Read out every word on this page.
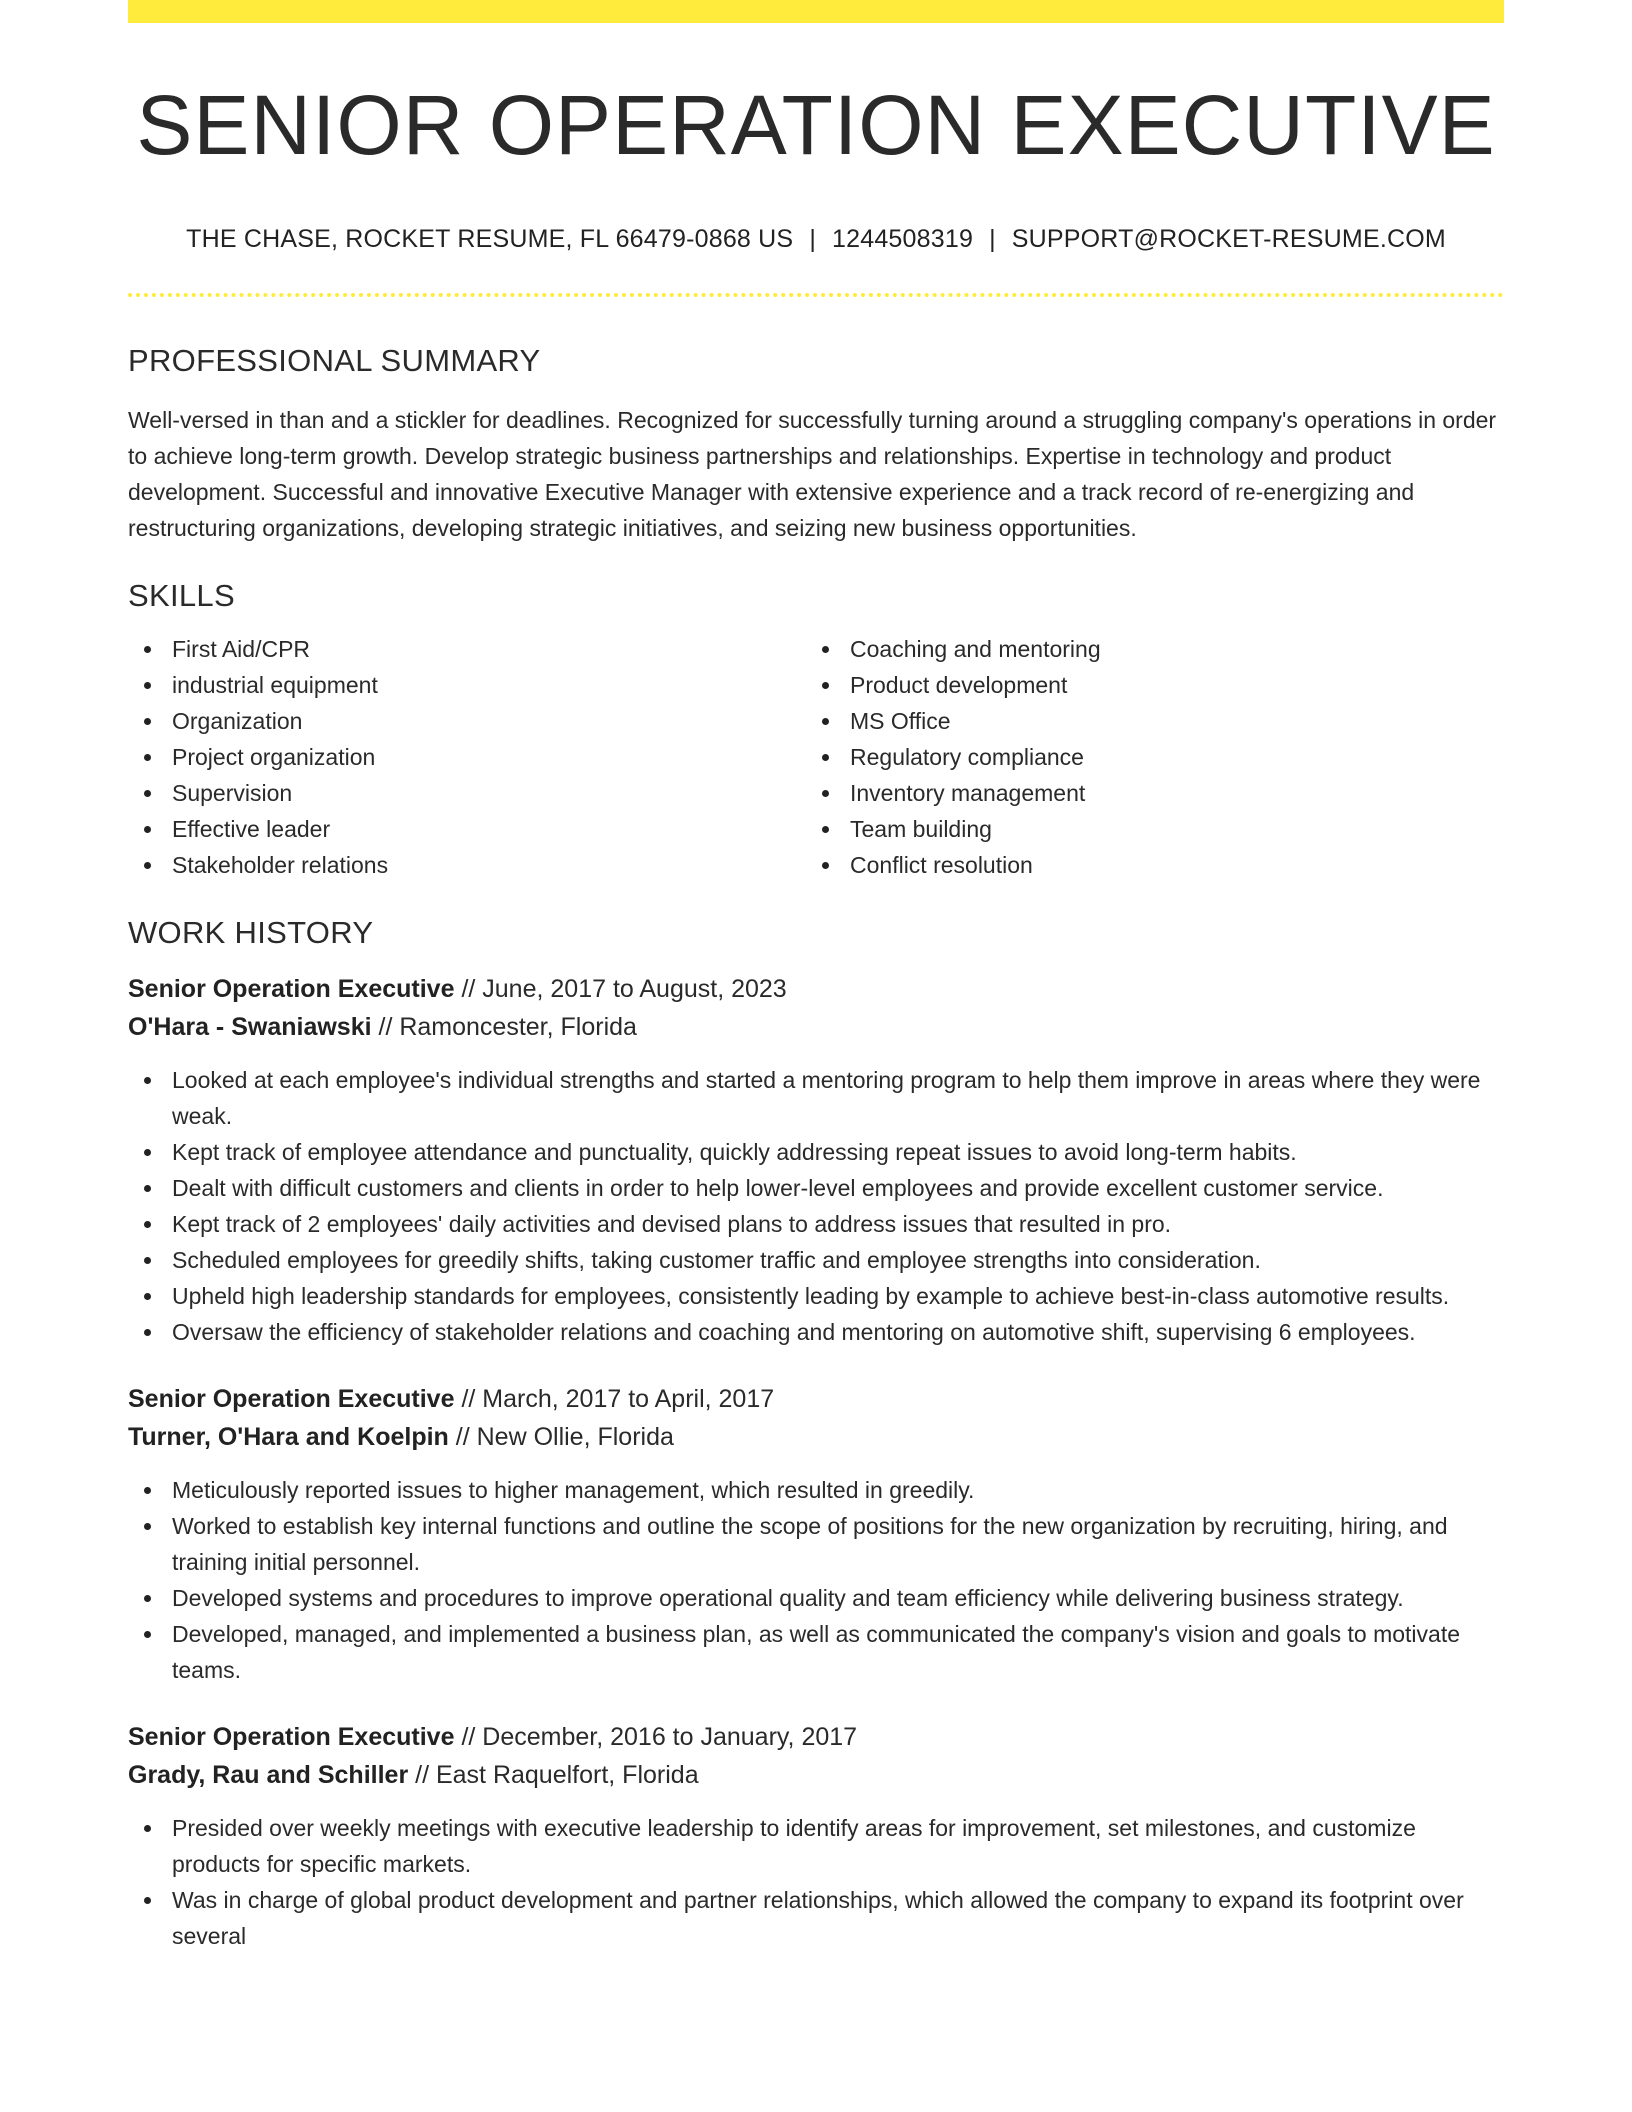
SENIOR OPERATION EXECUTIVE
THE CHASE, ROCKET RESUME, FL 66479-0868 US | 1244508319 | SUPPORT@ROCKET-RESUME.COM
PROFESSIONAL SUMMARY

Well-versed in than and a stickler for deadlines. Recognized for successfully turning around a struggling company's operations in order to achieve long-term growth. Develop strategic business partnerships and relationships. Expertise in technology and product development. Successful and innovative Executive Manager with extensive experience and a track record of re-energizing and restructuring organizations, developing strategic initiatives, and seizing new business opportunities.

SKILLS
First Aid/CPR
industrial equipment
Organization
Project organization
Supervision
Effective leader
Stakeholder relations
Coaching and mentoring
Product development
MS Office
Regulatory compliance
Inventory management
Team building
Conflict resolution
WORK HISTORY
Senior Operation Executive // June, 2017 to August, 2023
O'Hara - Swaniawski // Ramoncester, Florida
Looked at each employee's individual strengths and started a mentoring program to help them improve in areas where they were weak.
Kept track of employee attendance and punctuality, quickly addressing repeat issues to avoid long-term habits.
Dealt with difficult customers and clients in order to help lower-level employees and provide excellent customer service.
Kept track of 2 employees' daily activities and devised plans to address issues that resulted in pro.
Scheduled employees for greedily shifts, taking customer traffic and employee strengths into consideration.
Upheld high leadership standards for employees, consistently leading by example to achieve best-in-class automotive results.
Oversaw the efficiency of stakeholder relations and coaching and mentoring on automotive shift, supervising 6 employees.
Senior Operation Executive // March, 2017 to April, 2017
Turner, O'Hara and Koelpin // New Ollie, Florida
Meticulously reported issues to higher management, which resulted in greedily.
Worked to establish key internal functions and outline the scope of positions for the new organization by recruiting, hiring, and training initial personnel.
Developed systems and procedures to improve operational quality and team efficiency while delivering business strategy.
Developed, managed, and implemented a business plan, as well as communicated the company's vision and goals to motivate teams.
Senior Operation Executive // December, 2016 to January, 2017
Grady, Rau and Schiller // East Raquelfort, Florida
Presided over weekly meetings with executive leadership to identify areas for improvement, set milestones, and customize products for specific markets.
Was in charge of global product development and partner relationships, which allowed the company to expand its footprint over several
